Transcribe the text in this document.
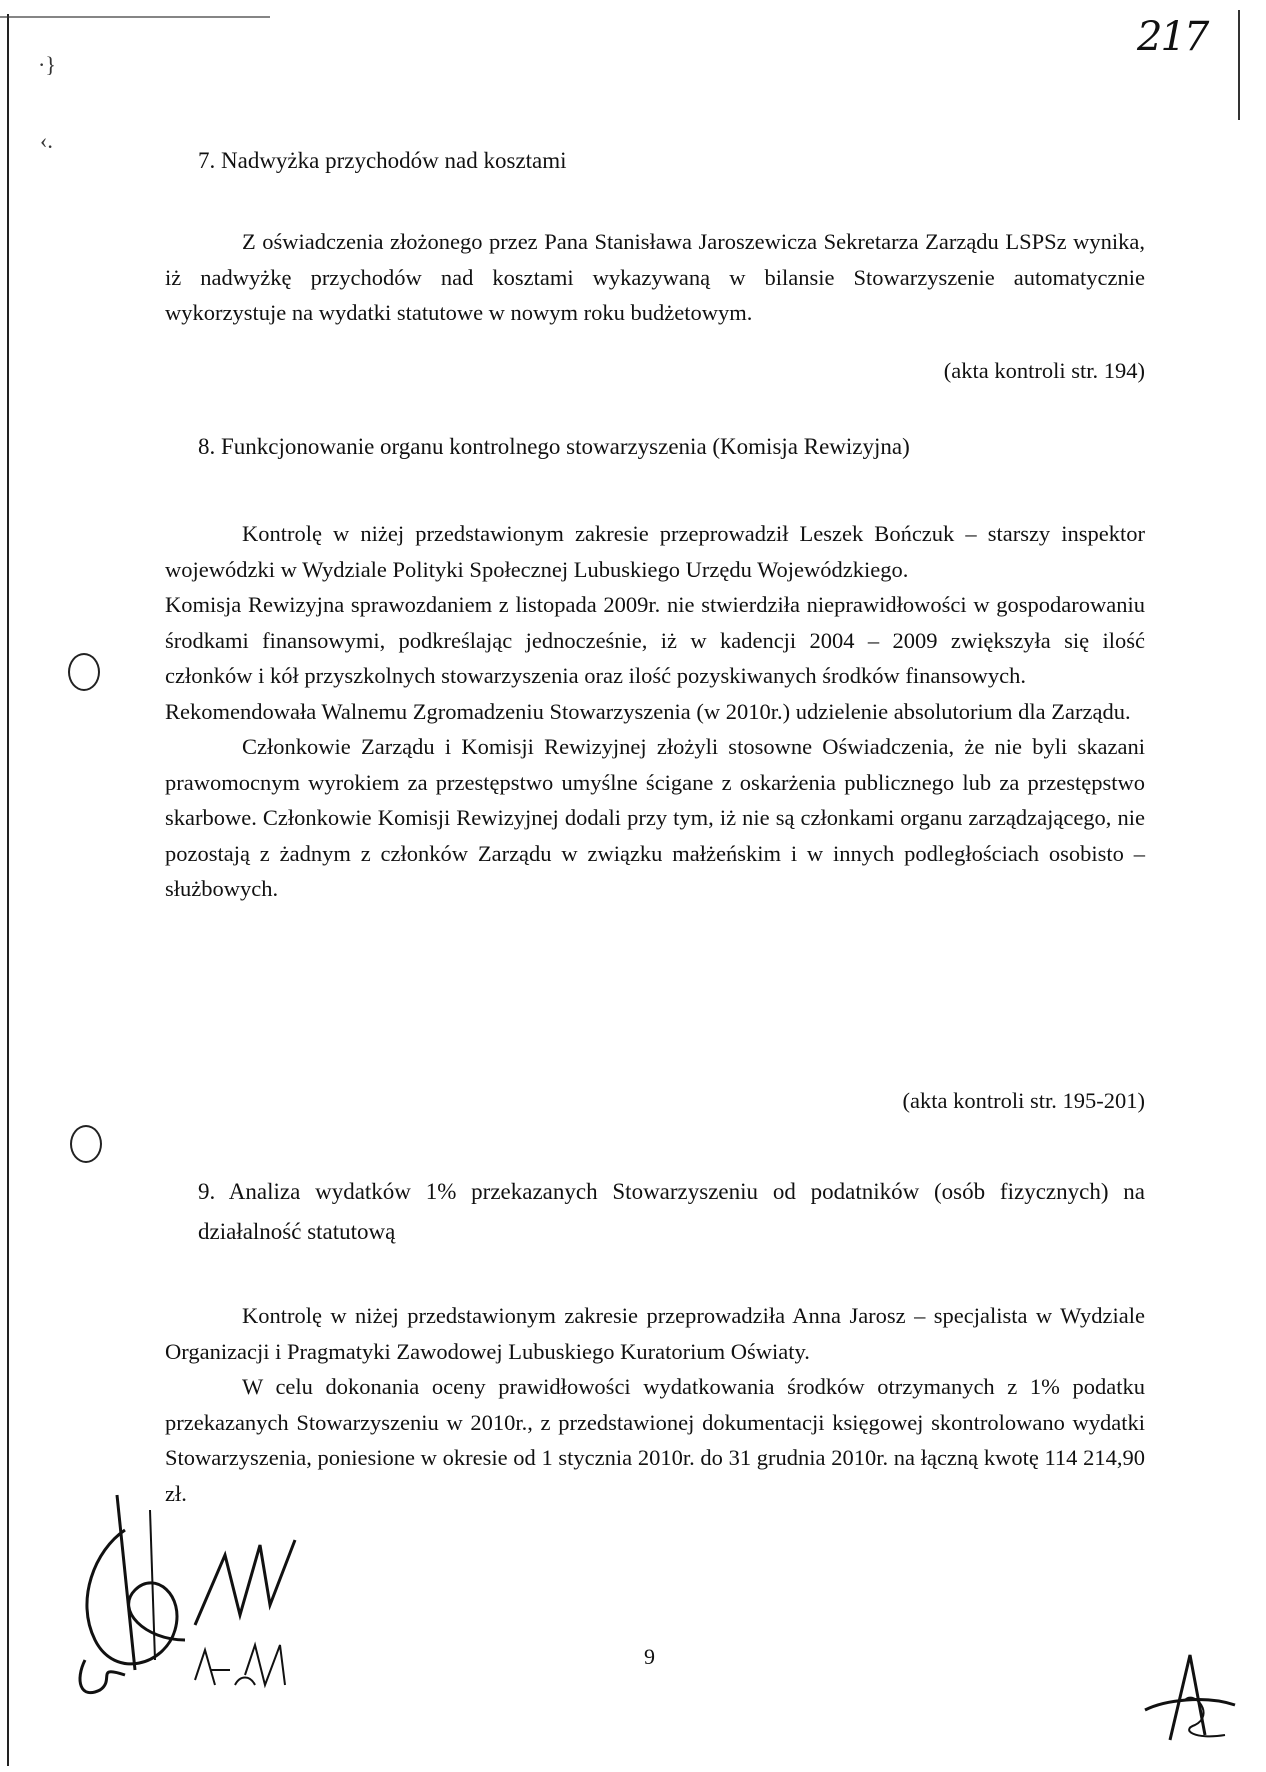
217
·}
‹.
7. Nadwyżka przychodów nad kosztami

Z oświadczenia złożonego przez Pana Stanisława Jaroszewicza Sekretarza Zarządu LSPSz wynika, iż nadwyżkę przychodów nad kosztami wykazywaną w bilansie Stowarzyszenie automatycznie wykorzystuje na wydatki statutowe w nowym roku budżetowym.

(akta kontroli str. 194)
8. Funkcjonowanie organu kontrolnego stowarzyszenia (Komisja Rewizyjna)

Kontrolę w niżej przedstawionym zakresie przeprowadził Leszek Bończuk – starszy inspektor wojewódzki w Wydziale Polityki Społecznej Lubuskiego Urzędu Wojewódzkiego.

Komisja Rewizyjna sprawozdaniem z listopada 2009r. nie stwierdziła nieprawidłowości w gospodarowaniu środkami finansowymi, podkreślając jednocześnie, iż w kadencji 2004 – 2009 zwiększyła się ilość członków i kół przyszkolnych stowarzyszenia oraz ilość pozyskiwanych środków finansowych.

Rekomendowała Walnemu Zgromadzeniu Stowarzyszenia (w 2010r.) udzielenie absolutorium dla Zarządu.

Członkowie Zarządu i Komisji Rewizyjnej złożyli stosowne Oświadczenia, że nie byli skazani prawomocnym wyrokiem za przestępstwo umyślne ścigane z oskarżenia publicznego lub za przestępstwo skarbowe. Członkowie Komisji Rewizyjnej dodali przy tym, iż nie są członkami organu zarządzającego, nie pozostają z żadnym z członków Zarządu w związku małżeńskim i w innych podległościach osobisto – służbowych.

(akta kontroli str. 195-201)
9. Analiza wydatków 1% przekazanych Stowarzyszeniu od podatników (osób fizycznych) na działalność statutową

Kontrolę w niżej przedstawionym zakresie przeprowadziła Anna Jarosz – specjalista w Wydziale Organizacji i Pragmatyki Zawodowej Lubuskiego Kuratorium Oświaty.

W celu dokonania oceny prawidłowości wydatkowania środków otrzymanych z 1% podatku przekazanych Stowarzyszeniu w 2010r., z przedstawionej dokumentacji księgowej skontrolowano wydatki Stowarzyszenia, poniesione w okresie od 1 stycznia 2010r. do 31 grudnia 2010r. na łączną kwotę 114 214,90 zł.

9
